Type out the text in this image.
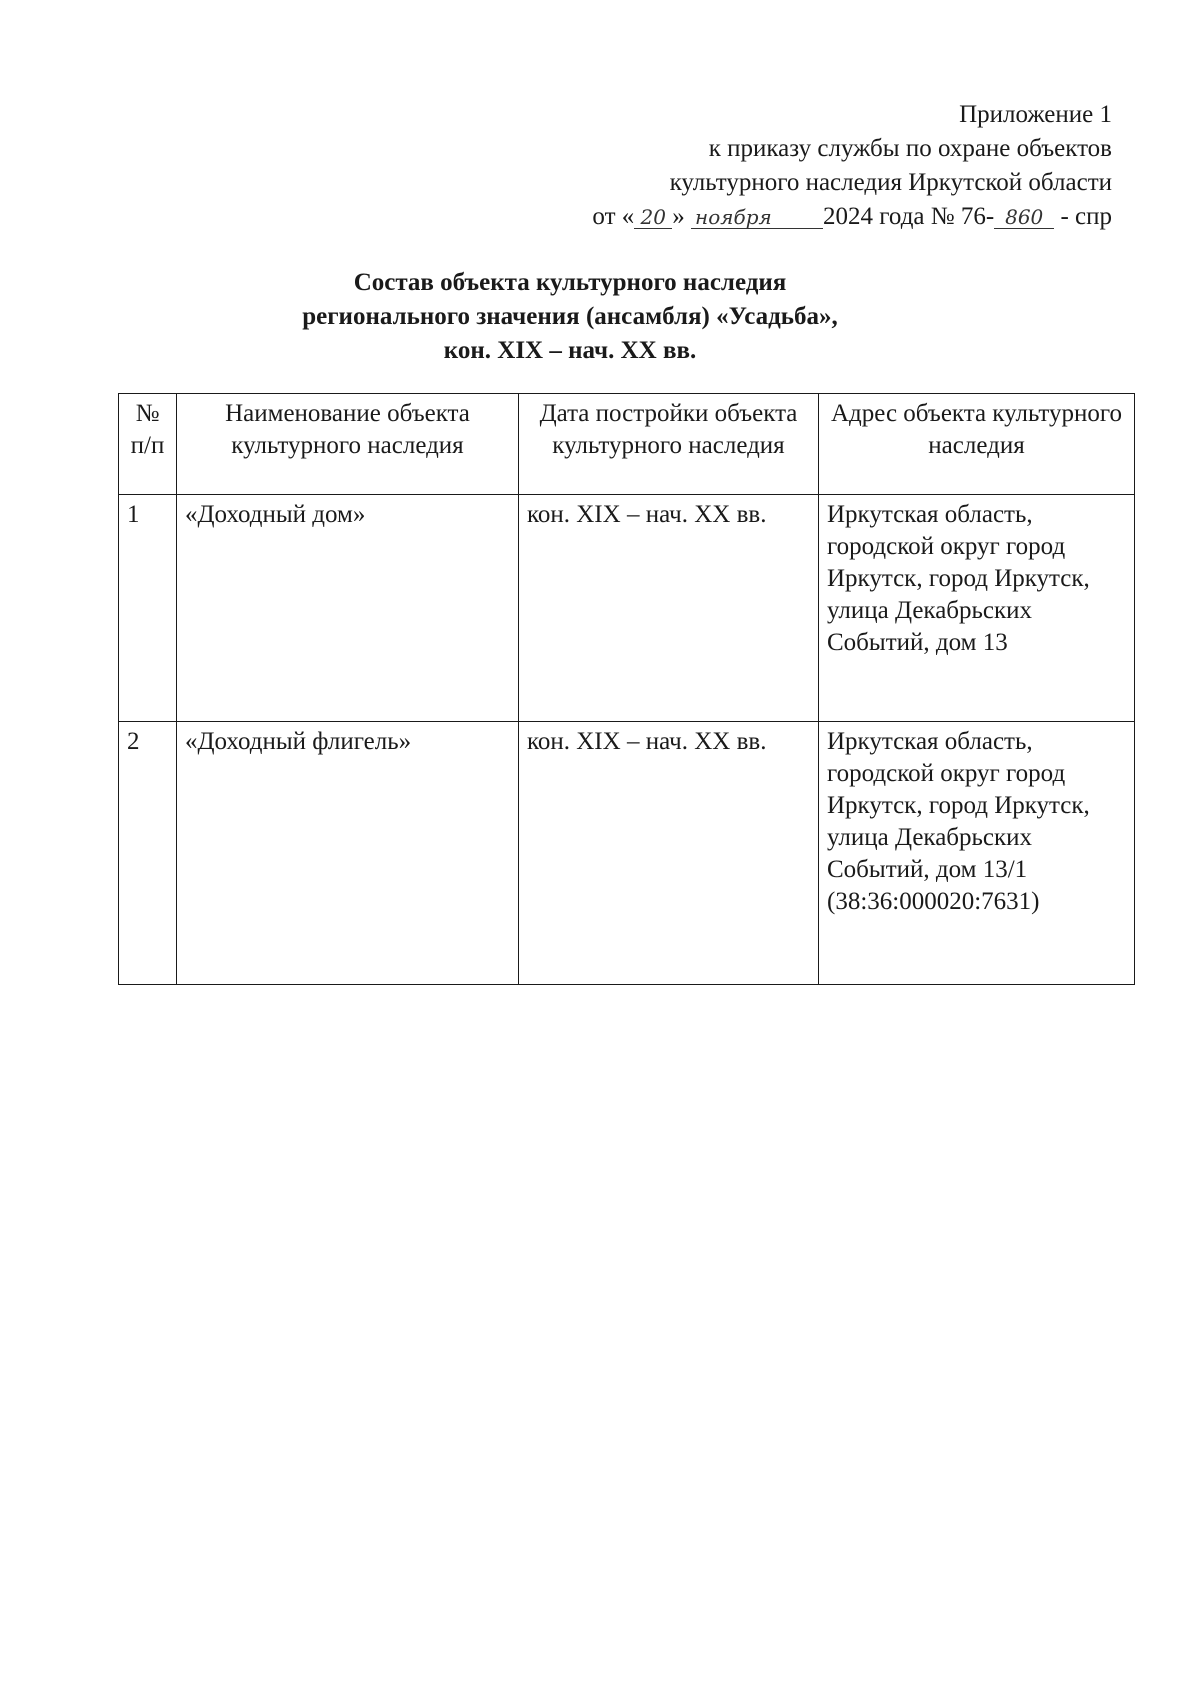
Приложение 1
к приказу службы по охране объектов
культурного наследия Иркутской области
от « 20 » ноября 2024 года № 76- 860 - спр
Состав объекта культурного наследия
регионального значения (ансамбля) «Усадьба»,
кон. XIX – нач. XX вв.
№ п/п	Наименование объекта культурного наследия	Дата постройки объекта культурного наследия	Адрес объекта культурного наследия
1	«Доходный дом»	кон. XIX – нач. XX вв.	Иркутская область, городской округ город Иркутск, город Иркутск, улица Декабрьских Событий, дом 13
2	«Доходный флигель»	кон. XIX – нач. XX вв.	Иркутская область, городской округ город Иркутск, город Иркутск, улица Декабрьских Событий, дом 13/1 (38:36:000020:7631)
